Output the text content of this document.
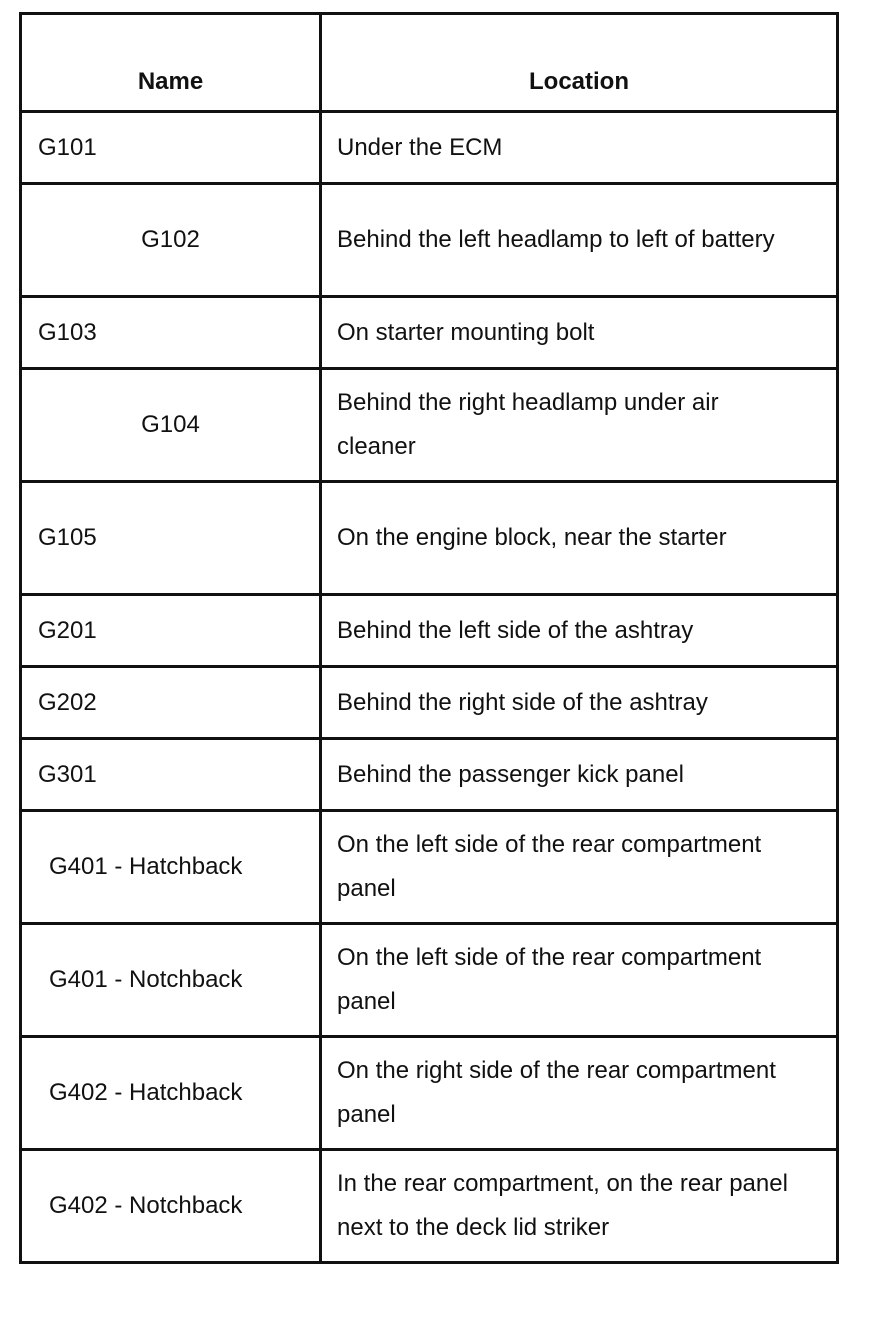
Name	Location
G101	Under the ECM
G102	Behind the left headlamp to left of battery
G103	On starter mounting bolt
G104	Behind the right headlamp under air cleaner
G105	On the engine block, near the starter
G201	Behind the left side of the ashtray
G202	Behind the right side of the ashtray
G301	Behind the passenger kick panel
G401 - Hatchback	On the left side of the rear compartment panel
G401 - Notchback	On the left side of the rear compartment panel
G402 - Hatchback	On the right side of the rear compartment panel
G402 - Notchback	In the rear compartment, on the rear panel next to the deck lid striker
